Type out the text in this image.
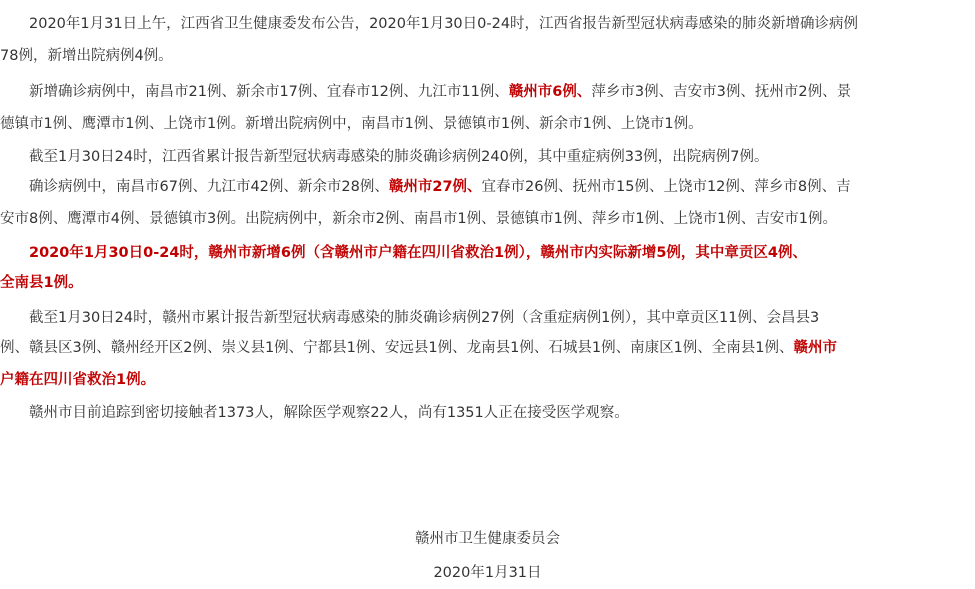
　　2020年1月31日上午，江西省卫生健康委发布公告，2020年1月30日0-24时，江西省报告新型冠状病毒感染的肺炎新增确诊病例
78例，新增出院病例4例。
　　新增确诊病例中，南昌市21例、新余市17例、宜春市12例、九江市11例、赣州市6例、萍乡市3例、吉安市3例、抚州市2例、景
德镇市1例、鹰潭市1例、上饶市1例。新增出院病例中，南昌市1例、景德镇市1例、新余市1例、上饶市1例。
　　截至1月30日24时，江西省累计报告新型冠状病毒感染的肺炎确诊病例240例，其中重症病例33例，出院病例7例。
　　确诊病例中，南昌市67例、九江市42例、新余市28例、赣州市27例、宜春市26例、抚州市15例、上饶市12例、萍乡市8例、吉
安市8例、鹰潭市4例、景德镇市3例。出院病例中，新余市2例、南昌市1例、景德镇市1例、萍乡市1例、上饶市1例、吉安市1例。
　　2020年1月30日0-24时，赣州市新增6例（含赣州市户籍在四川省救治1例），赣州市内实际新增5例，其中章贡区4例、
全南县1例。
　　截至1月30日24时，赣州市累计报告新型冠状病毒感染的肺炎确诊病例27例（含重症病例1例），其中章贡区11例、会昌县3
例、赣县区3例、赣州经开区2例、崇义县1例、宁都县1例、安远县1例、龙南县1例、石城县1例、南康区1例、全南县1例、赣州市
户籍在四川省救治1例。
　　赣州市目前追踪到密切接触者1373人，解除医学观察22人，尚有1351人正在接受医学观察。
赣州市卫生健康委员会
2020年1月31日
